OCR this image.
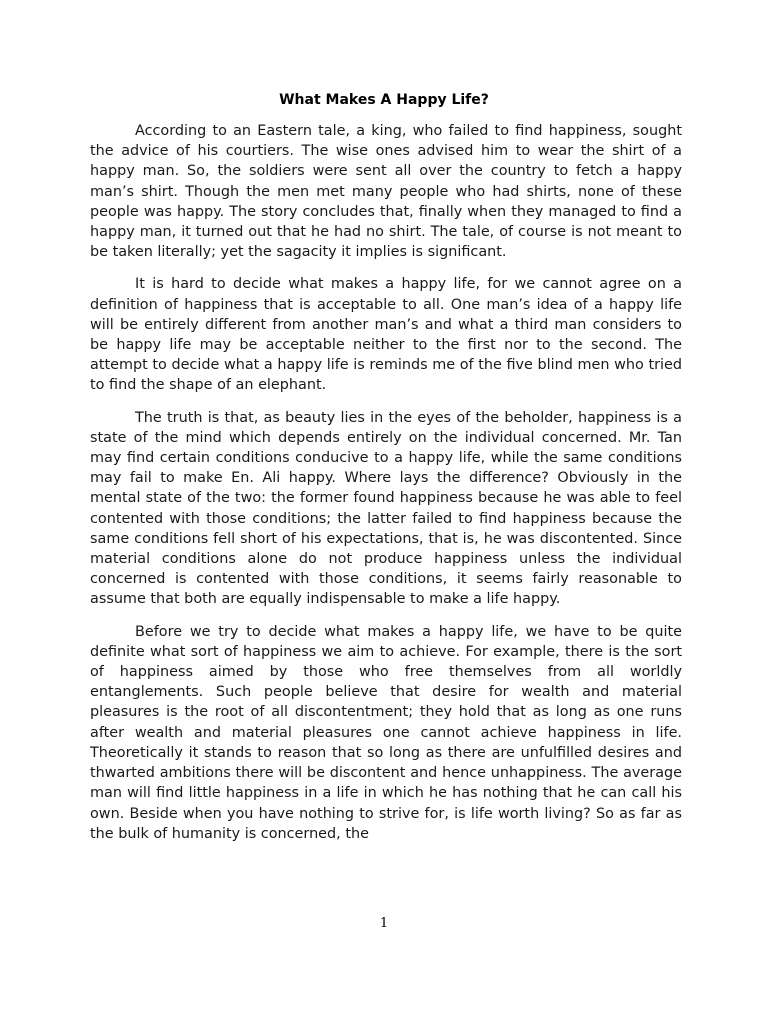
What Makes A Happy Life?

According to an Eastern tale, a king, who failed to find happiness, sought the advice of his courtiers. The wise ones advised him to wear the shirt of a happy man. So, the soldiers were sent all over the country to fetch a happy man’s shirt. Though the men met many people who had shirts, none of these people was happy. The story concludes that, finally when they managed to find a happy man, it turned out that he had no shirt. The tale, of course is not meant to be taken literally; yet the sagacity it implies is significant.

It is hard to decide what makes a happy life, for we cannot agree on a definition of happiness that is acceptable to all. One man’s idea of a happy life will be entirely different from another man’s and what a third man considers to be happy life may be acceptable neither to the first nor to the second. The attempt to decide what a happy life is reminds me of the five blind men who tried to find the shape of an elephant.

The truth is that, as beauty lies in the eyes of the beholder, happiness is a state of the mind which depends entirely on the individual concerned. Mr. Tan may find certain conditions conducive to a happy life, while the same conditions may fail to make En. Ali happy. Where lays the difference? Obviously in the mental state of the two: the former found happiness because he was able to feel contented with those conditions; the latter failed to find happiness because the same conditions fell short of his expectations, that is, he was discontented. Since material conditions alone do not produce happiness unless the individual concerned is contented with those conditions, it seems fairly reasonable to assume that both are equally indispensable to make a life happy.

Before we try to decide what makes a happy life, we have to be quite definite what sort of happiness we aim to achieve. For example, there is the sort of happiness aimed by those who free themselves from all worldly entanglements. Such people believe that desire for wealth and material pleasures is the root of all discontentment; they hold that as long as one runs after wealth and material pleasures one cannot achieve happiness in life. Theoretically it stands to reason that so long as there are unfulfilled desires and thwarted ambitions there will be discontent and hence unhappiness. The average man will find little happiness in a life in which he has nothing that he can call his own. Beside when you have nothing to strive for, is life worth living? So as far as the bulk of humanity is concerned, the

1
